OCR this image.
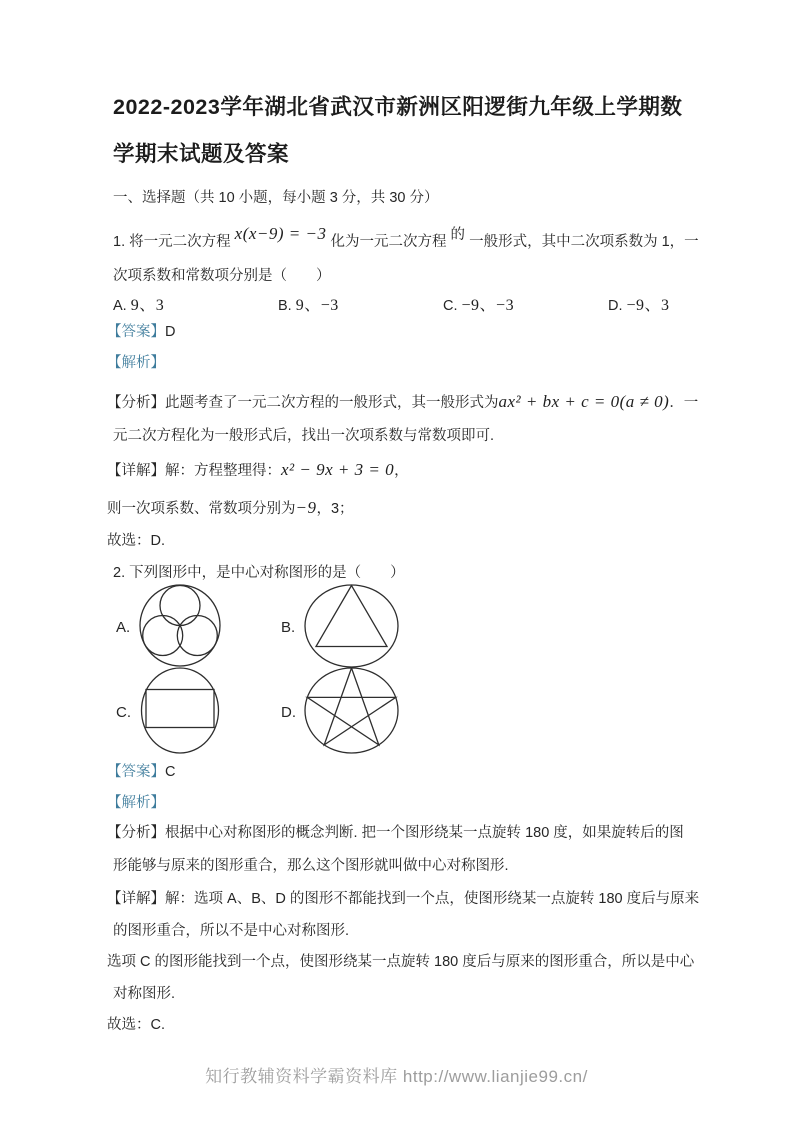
2022-2023学年湖北省武汉市新洲区阳逻街九年级上学期数
学期末试题及答案
一、选择题（共 10 小题，每小题 3 分，共 30 分）
1. 将一元二次方程 x(x−9) = −3 化为一元二次方程 的 一般形式，其中二次项系数为 1，一
次项系数和常数项分别是（　　）
A. 9、3	B. 9、−3	C. −9、−3	D. −9、3
【答案】D
【解析】
【分析】此题考查了一元二次方程的一般形式，其一般形式为ax² + bx + c = 0(a ≠ 0)．一
元二次方程化为一般形式后，找出一次项系数与常数项即可.
【详解】解：方程整理得：x² − 9x + 3 = 0，
则一次项系数、常数项分别为−9，3；
故选：D.
2. 下列图形中，是中心对称图形的是（　　）
A.	B.
C.	D.
【答案】C
【解析】
【分析】根据中心对称图形的概念判断. 把一个图形绕某一点旋转 180 度，如果旋转后的图
形能够与原来的图形重合，那么这个图形就叫做中心对称图形.
【详解】解：选项 A、B、D 的图形不都能找到一个点，使图形绕某一点旋转 180 度后与原来
的图形重合，所以不是中心对称图形.
选项 C 的图形能找到一个点，使图形绕某一点旋转 180 度后与原来的图形重合，所以是中心
对称图形.
故选：C.
知行教辅资料学霸资料库 http://www.lianjie99.cn/
